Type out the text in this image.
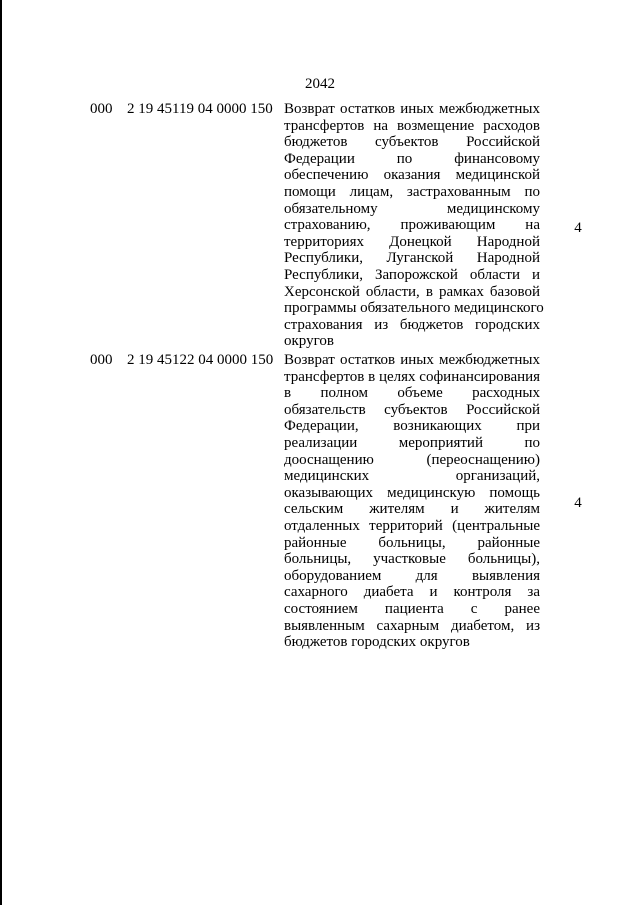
2042
000 2 19 45119 04 0000 150 Возврат остатков иных межбюджетных
трансфертов на возмещение расходов
бюджетов субъектов Российской
Федерации по финансовому
обеспечению оказания медицинской
помощи лицам, застрахованным по
обязательному медицинскому
страхованию, проживающим на
территориях Донецкой Народной
Республики, Луганской Народной
Республики, Запорожской области и
Херсонской области, в рамках базовой
программы обязательного медицинского
страхования из бюджетов городских
округов
4
000 2 19 45122 04 0000 150 Возврат остатков иных межбюджетных
трансфертов в целях софинансирования
в полном объеме расходных
обязательств субъектов Российской
Федерации, возникающих при
реализации мероприятий по
дооснащению (переоснащению)
медицинских организаций,
оказывающих медицинскую помощь
сельским жителям и жителям
отдаленных территорий (центральные
районные больницы, районные
больницы, участковые больницы),
оборудованием для выявления
сахарного диабета и контроля за
состоянием пациента с ранее
выявленным сахарным диабетом, из
бюджетов городских округов
4
